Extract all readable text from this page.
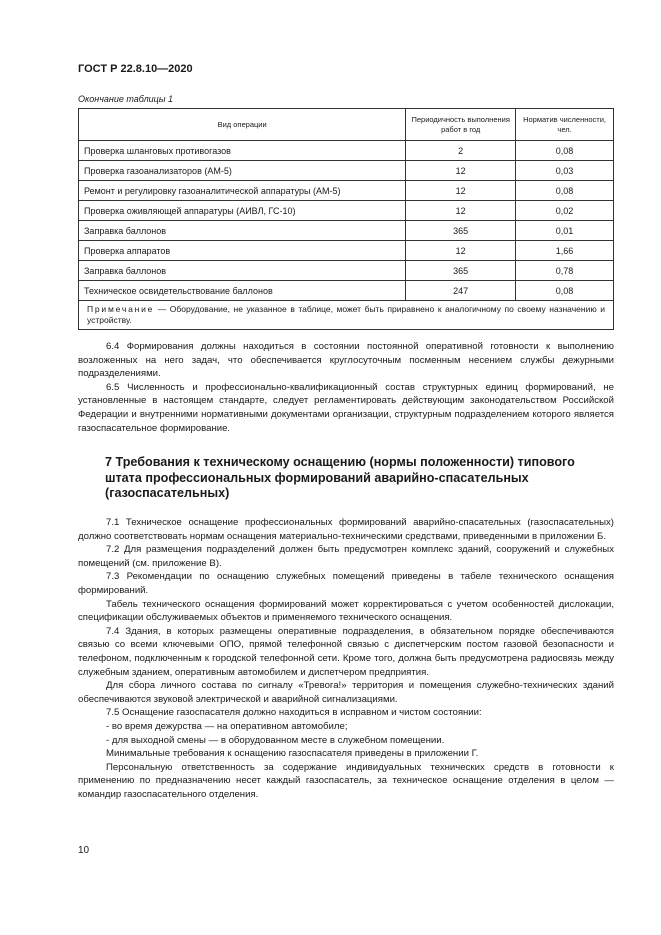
ГОСТ Р 22.8.10—2020
Окончание таблицы 1
Вид операции	Периодичность выполнения работ в год	Норматив численности, чел.
Проверка шланговых противогазов	2	0,08
Проверка газоанализаторов (АМ-5)	12	0,03
Ремонт и регулировку газоаналитической аппаратуры (АМ-5)	12	0,08
Проверка оживляющей аппаратуры (АИВЛ, ГС-10)	12	0,02
Заправка баллонов	365	0,01
Проверка аппаратов	12	1,66
Заправка баллонов	365	0,78
Техническое освидетельствование баллонов	247	0,08
Примечание — Оборудование, не указанное в таблице, может быть приравнено к аналогичному по своему назначению и устройству.		

6.4 Формирования должны находиться в состоянии постоянной оперативной готовности к выполнению возложенных на него задач, что обеспечивается круглосуточным посменным несением службы дежурными подразделениями.

6.5 Численность и профессионально-квалификационный состав структурных единиц формирований, не установленные в настоящем стандарте, следует регламентировать действующим законодательством Российской Федерации и внутренними нормативными документами организации, структурным подразделением которого является газоспасательное формирование.

7 Требования к техническому оснащению (нормы положенности) типового штата профессиональных формирований аварийно-спасательных (газоспасательных)

7.1 Техническое оснащение профессиональных формирований аварийно-спасательных (газоспасательных) должно соответствовать нормам оснащения материально-техническими средствами, приведенными в приложении Б.

7.2 Для размещения подразделений должен быть предусмотрен комплекс зданий, сооружений и служебных помещений (см. приложение В).

7.3 Рекомендации по оснащению служебных помещений приведены в табеле технического оснащения формирований.

Табель технического оснащения формирований может корректироваться с учетом особенностей дислокации, спецификации обслуживаемых объектов и применяемого технического оснащения.

7.4 Здания, в которых размещены оперативные подразделения, в обязательном порядке обеспечиваются связью со всеми ключевыми ОПО, прямой телефонной связью с диспетчерским постом газовой безопасности и телефоном, подключенным к городской телефонной сети. Кроме того, должна быть предусмотрена радиосвязь между служебным зданием, оперативным автомобилем и диспетчером предприятия.

Для сбора личного состава по сигналу «Тревога!» территория и помещения служебно-технических зданий обеспечиваются звуковой электрической и аварийной сигнализациями.

7.5 Оснащение газоспасателя должно находиться в исправном и чистом состоянии:

- во время дежурства — на оперативном автомобиле;

- для выходной смены — в оборудованном месте в служебном помещении.

Минимальные требования к оснащению газоспасателя приведены в приложении Г.

Персональную ответственность за содержание индивидуальных технических средств в готовности к применению по предназначению несет каждый газоспасатель, за техническое оснащение отделения в целом — командир газоспасательного отделения.

10
